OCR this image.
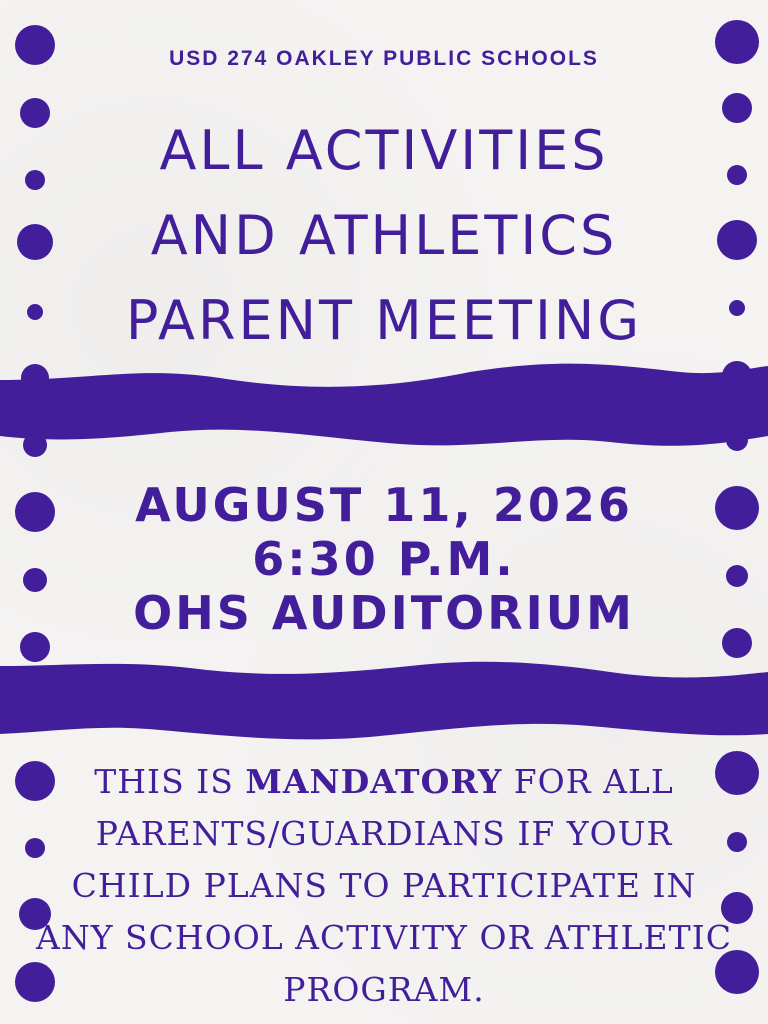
USD 274 OAKLEY PUBLIC SCHOOLS
ALL ACTIVITIES
AND ATHLETICS
PARENT MEETING
AUGUST 11, 2026
6:30 P.M.
OHS AUDITORIUM
THIS IS MANDATORY FOR ALL PARENTS/GUARDIANS IF YOUR CHILD PLANS TO PARTICIPATE IN ANY SCHOOL ACTIVITY OR ATHLETIC PROGRAM.
